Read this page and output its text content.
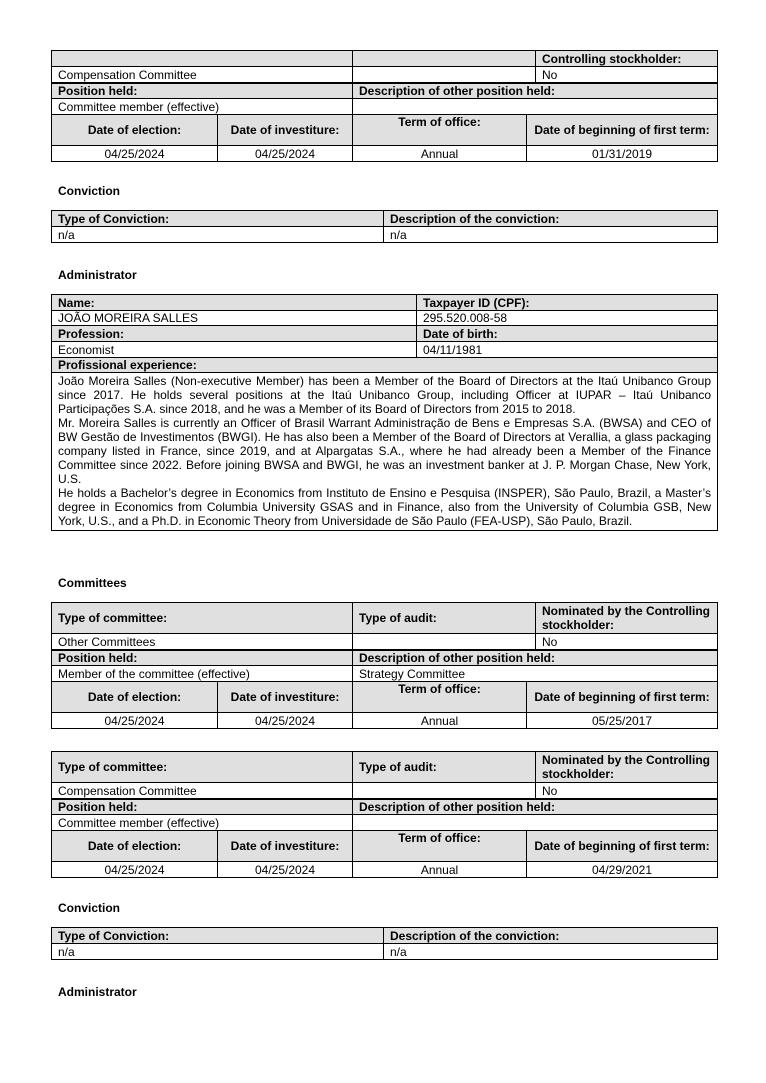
		Controlling stockholder:
Compensation Committee		No
Position held:		Description of other position held:	
Committee member (effective)			
Date of election:	Date of investiture:	Term of office:	Date of beginning of first term:
04/25/2024	04/25/2024	Annual	01/31/2019
Conviction
Type of Conviction:	Description of the conviction:
n/a	n/a
Administrator
Name:	Taxpayer ID (CPF):
JOÃO MOREIRA SALLES	295.520.008-58
Profession:	Date of birth:
Economist	04/11/1981
Profissional experience:	

João Moreira Salles (Non-executive Member) has been a Member of the Board of Directors at the Itaú Unibanco Group since 2017. He holds several positions at the Itaú Unibanco Group, including Officer at IUPAR – Itaú Unibanco Participações S.A. since 2018, and he was a Member of its Board of Directors from 2015 to 2018.

Mr. Moreira Salles is currently an Officer of Brasil Warrant Administração de Bens e Empresas S.A. (BWSA) and CEO of BW Gestão de Investimentos (BWGI). He has also been a Member of the Board of Directors at Verallia, a glass packaging company listed in France, since 2019, and at Alpargatas S.A., where he had already been a Member of the Finance Committee since 2022. Before joining BWSA and BWGI, he was an investment banker at J. P. Morgan Chase, New York, U.S.

He holds a Bachelor’s degree in Economics from Instituto de Ensino e Pesquisa (INSPER), São Paulo, Brazil, a Master’s degree in Economics from Columbia University GSAS and in Finance, also from the University of Columbia GSB, New York, U.S., and a Ph.D. in Economic Theory from Universidade de São Paulo (FEA-USP), São Paulo, Brazil.	

Committees
Type of committee:	Type of audit:	Nominated by the Controlling stockholder:
Other Committees		No
Position held:		Description of other position held:	
Member of the committee (effective)		Strategy Committee	
Date of election:	Date of investiture:	Term of office:	Date of beginning of first term:
04/25/2024	04/25/2024	Annual	05/25/2017
Type of committee:	Type of audit:	Nominated by the Controlling stockholder:
Compensation Committee		No
Position held:		Description of other position held:	
Committee member (effective)			
Date of election:	Date of investiture:	Term of office:	Date of beginning of first term:
04/25/2024	04/25/2024	Annual	04/29/2021
Conviction
Type of Conviction:	Description of the conviction:
n/a	n/a
Administrator
